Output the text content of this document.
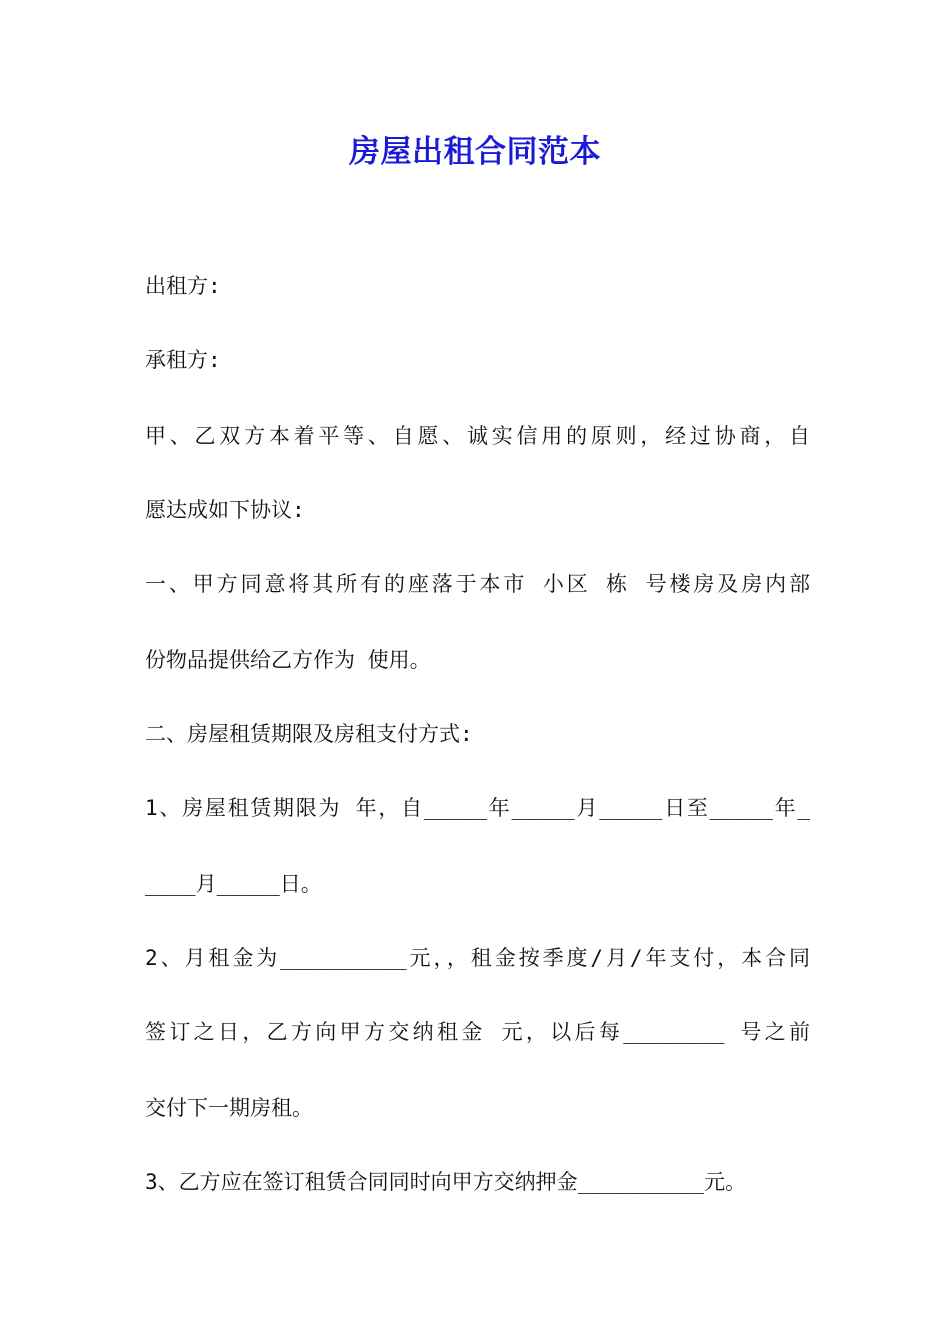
房屋出租合同范本
出租方:
承租方:
甲、乙双方本着平等、自愿、诚实信用的原则，经过协商，自
愿达成如下协议:
一、甲方同意将其所有的座落于本市 小区 栋 号楼房及房内部
份物品提供给乙方作为 使用。
二、房屋租赁期限及房租支付方式:
1、房屋租赁期限为 年，自_____年_____月_____日至_____年_
____月_____日。
2、月租金为__________元，，租金按季度/月/年支付，本合同
签订之日，乙方向甲方交纳租金 元，以后每________ 号之前
交付下一期房租。
3、乙方应在签订租赁合同同时向甲方交纳押金__________元。
